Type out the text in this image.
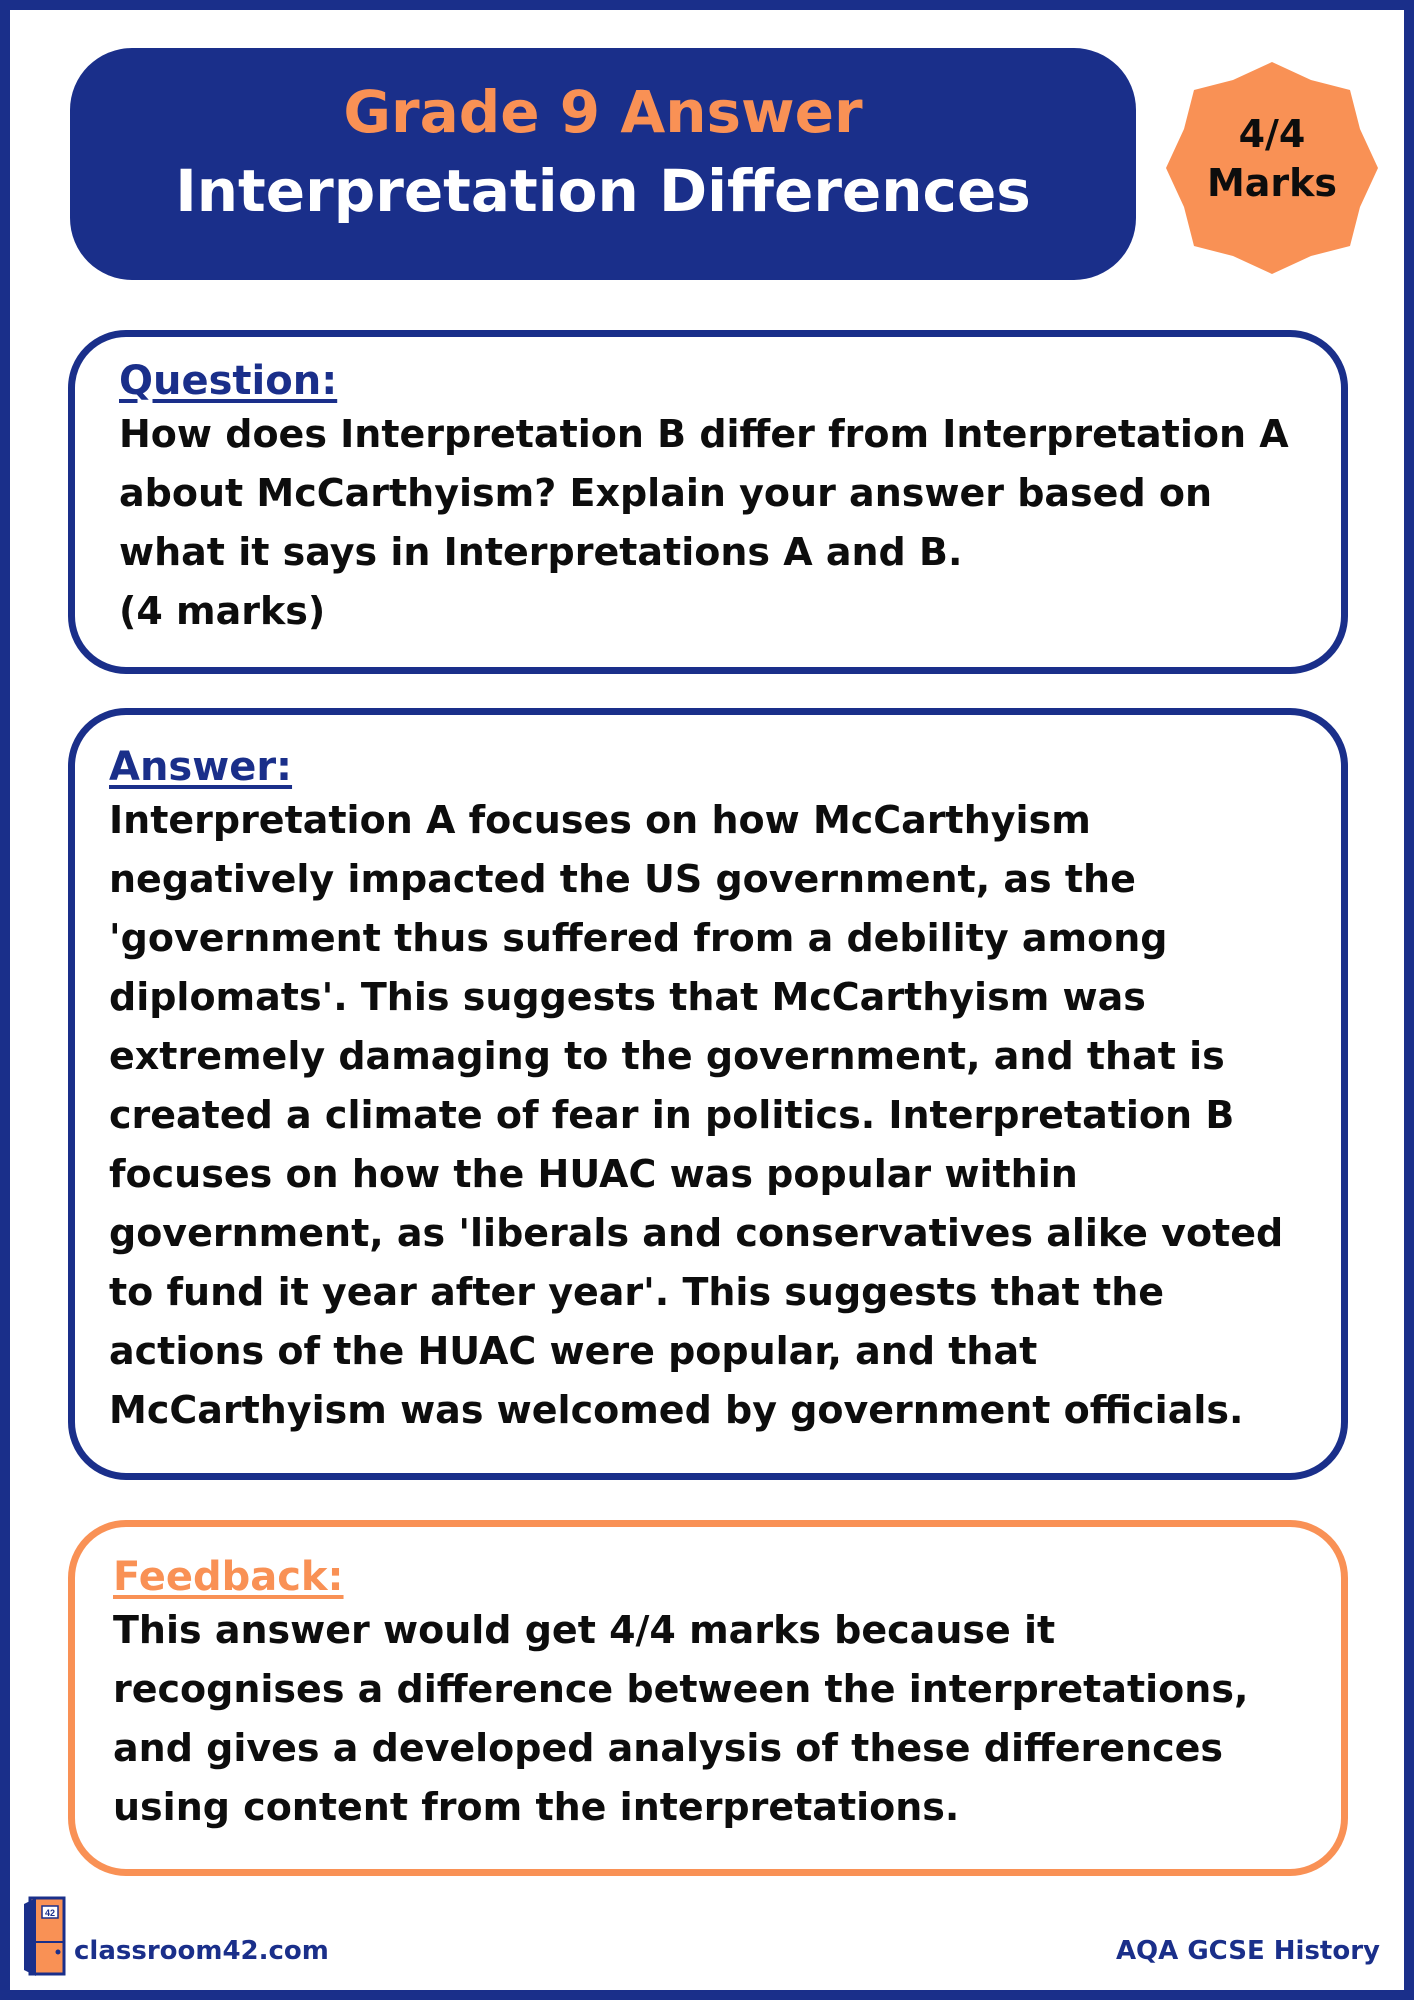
Grade 9 Answer
Interpretation Differences
4/4
Marks

Question:

How does Interpretation B differ from Interpretation A
about McCarthyism? Explain your answer based on
what it says in Interpretations A and B.
(4 marks)

Answer:

Interpretation A focuses on how McCarthyism
negatively impacted the US government, as the
'government thus suffered from a debility among
diplomats'. This suggests that McCarthyism was
extremely damaging to the government, and that is
created a climate of fear in politics. Interpretation B
focuses on how the HUAC was popular within
government, as 'liberals and conservatives alike voted
to fund it year after year'. This suggests that the
actions of the HUAC were popular, and that
McCarthyism was welcomed by government officials.

Feedback:

This answer would get 4/4 marks because it
recognises a difference between the interpretations,
and gives a developed analysis of these differences
using content from the interpretations.
42
classroom42.com	AQA GCSE History
